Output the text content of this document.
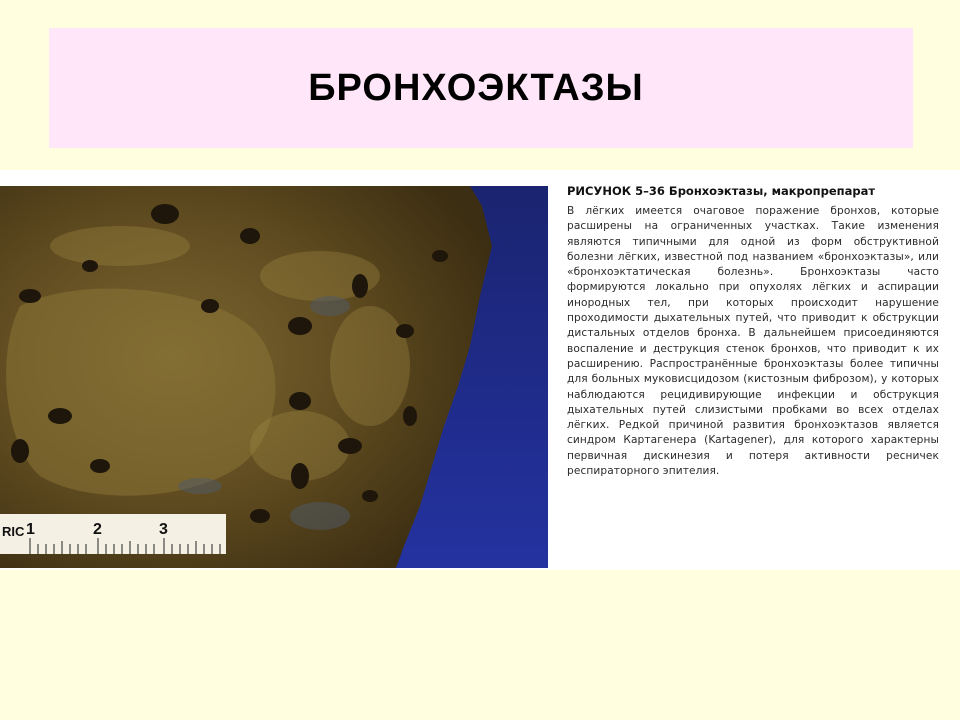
БРОНХОЭКТАЗЫ
RIC 1	2	3

РИСУНОК 5–36 Бронхоэктазы, макропрепарат

В лёгких имеется очаговое поражение бронхов, которые расширены на ограниченных участках. Такие изменения являются типичными для одной из форм обструктивной болезни лёгких, известной под названием «бронхоэктазы», или «бронхоэктатическая болезнь». Бронхоэктазы часто формируются локально при опухолях лёгких и аспирации инородных тел, при которых происходит нарушение проходимости дыхательных путей, что приводит к обструкции дистальных отделов бронха. В дальнейшем присоединяются воспаление и деструкция стенок бронхов, что приводит к их расширению. Распространённые бронхоэктазы более типичны для больных муковисцидозом (кистозным фиброзом), у которых наблюдаются рецидивирующие инфекции и обструкция дыхательных путей слизистыми пробками во всех отделах лёгких. Редкой причиной развития бронхоэктазов является синдром Картагенера (Kartagener), для которого характерны первичная дискинезия и потеря активности ресничек респираторного эпителия.
